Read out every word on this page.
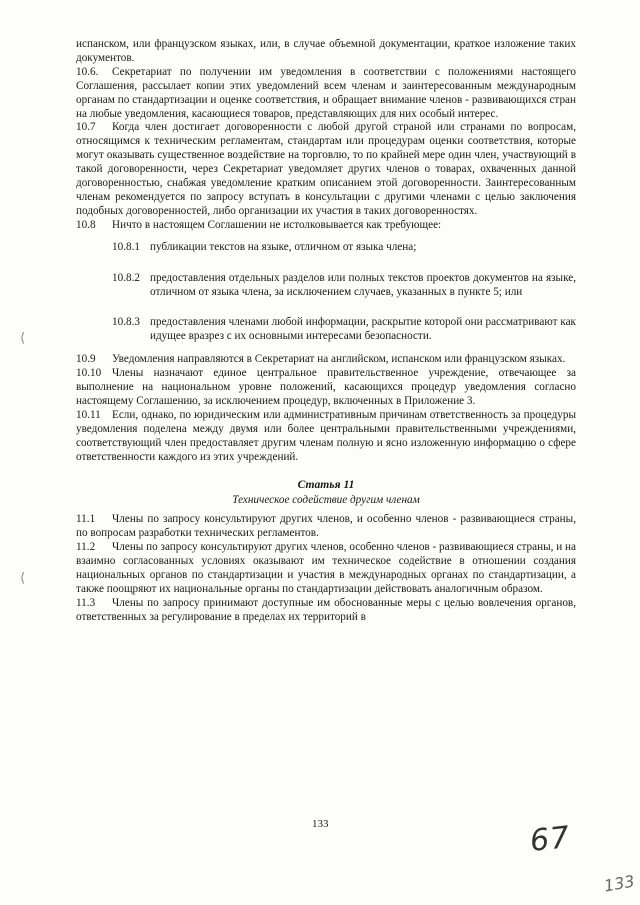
испанском, или французском языках, или, в случае объемной документации, краткое изложение таких документов.

10.6. Секретариат по получении им уведомления в соответствии с положениями настоящего Соглашения, рассылает копии этих уведомлений всем членам и заинтересованным международным органам по стандартизации и оценке соответствия, и обращает внимание членов - развивающихся стран на любые уведомления, касающиеся товаров, представляющих для них особый интерес.

10.7 Когда член достигает договоренности с любой другой страной или странами по вопросам, относящимся к техническим регламентам, стандартам или процедурам оценки соответствия, которые могут оказывать существенное воздействие на торговлю, то по крайней мере один член, участвующий в такой договоренности, через Секретариат уведомляет других членов о товарах, охваченных данной договоренностью, снабжая уведомление кратким описанием этой договоренности. Заинтересованным членам рекомендуется по запросу вступать в консультации с другими членами с целью заключения подобных договоренностей, либо организации их участия в таких договоренностях.

10.8 Ничто в настоящем Соглашении не истолковывается как требующее:

10.8.1 публикации текстов на языке, отличном от языка члена;
10.8.2 предоставления отдельных разделов или полных текстов проектов документов на языке, отличном от языка члена, за исключением случаев, указанных в пункте 5; или
10.8.3 предоставления членами любой информации, раскрытие которой они рассматривают как идущее вразрез с их основными интересами безопасности.

10.9 Уведомления направляются в Секретариат на английском, испанском или французском языках.

10.10 Члены назначают единое центральное правительственное учреждение, отвечающее за выполнение на национальном уровне положений, касающихся процедур уведомления согласно настоящему Соглашению, за исключением процедур, включенных в Приложение 3.

10.11 Если, однако, по юридическим или административным причинам ответственность за процедуры уведомления поделена между двумя или более центральными правительственными учреждениями, соответствующий член предоставляет другим членам полную и ясно изложенную информацию о сфере ответственности каждого из этих учреждений.

Статья 11
Техническое содействие другим членам

11.1 Члены по запросу консультируют других членов, и особенно членов - развивающиеся страны, по вопросам разработки технических регламентов.

11.2 Члены по запросу консультируют других членов, особенно членов - развивающиеся страны, и на взаимно согласованных условиях оказывают им техническое содействие в отношении создания национальных органов по стандартизации и участия в международных органах по стандартизации, а также поощряют их национальные органы по стандартизации действовать аналогичным образом.

11.3 Члены по запросу принимают доступные им обоснованные меры с целью вовлечения органов, ответственных за регулирование в пределах их территорий в

⟨
⟨
133	67
133
